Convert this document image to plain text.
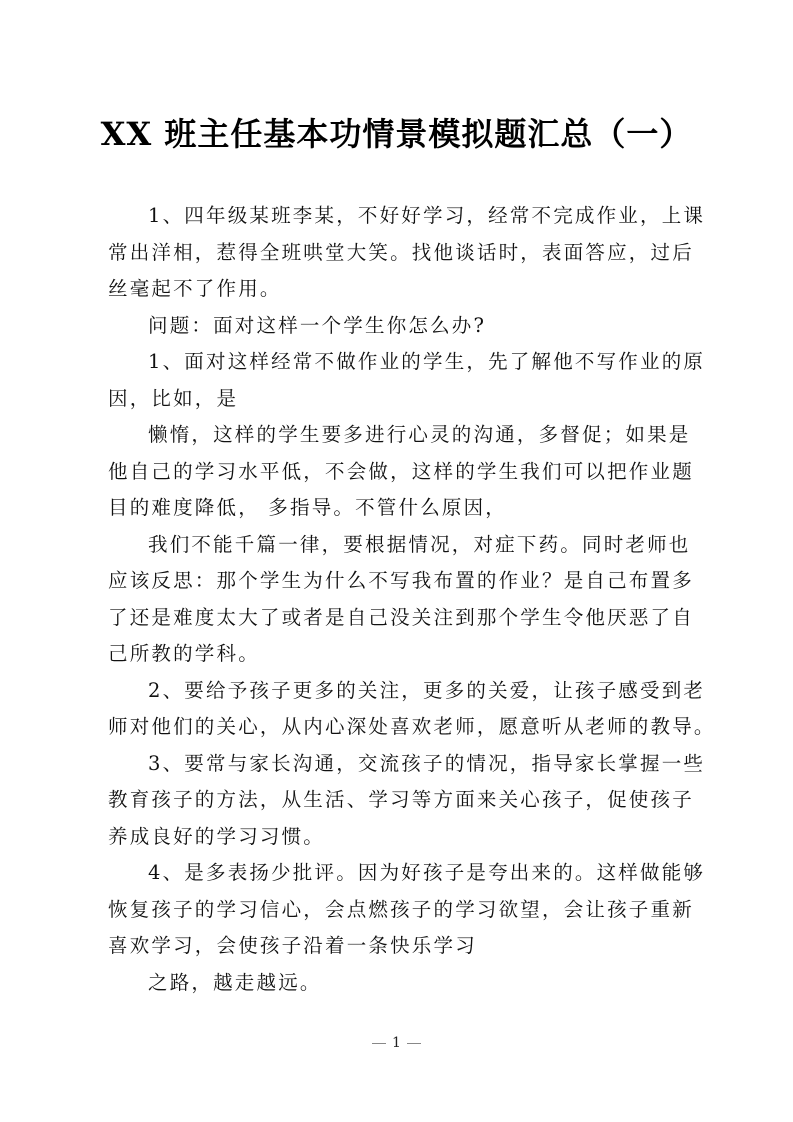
XX 班主任基本功情景模拟题汇总（一）
1、四年级某班李某，不好好学习，经常不完成作业，上课
常出洋相，惹得全班哄堂大笑。找他谈话时，表面答应，过后
丝毫起不了作用。
问题：面对这样一个学生你怎么办?
1、面对这样经常不做作业的学生，先了解他不写作业的原
因，比如，是
懒惰，这样的学生要多进行心灵的沟通，多督促；如果是
他自己的学习水平低，不会做，这样的学生我们可以把作业题
目的难度降低， 多指导。不管什么原因，
我们不能千篇一律，要根据情况，对症下药。同时老师也
应该反思：那个学生为什么不写我布置的作业？是自己布置多
了还是难度太大了或者是自己没关注到那个学生令他厌恶了自
己所教的学科。
2、要给予孩子更多的关注，更多的关爱，让孩子感受到老
师对他们的关心，从内心深处喜欢老师，愿意听从老师的教导。
3、要常与家长沟通，交流孩子的情况，指导家长掌握一些
教育孩子的方法，从生活、学习等方面来关心孩子，促使孩子
养成良好的学习习惯。
4、是多表扬少批评。因为好孩子是夸出来的。这样做能够
恢复孩子的学习信心，会点燃孩子的学习欲望，会让孩子重新
喜欢学习，会使孩子沿着一条快乐学习
之路，越走越远。
1
